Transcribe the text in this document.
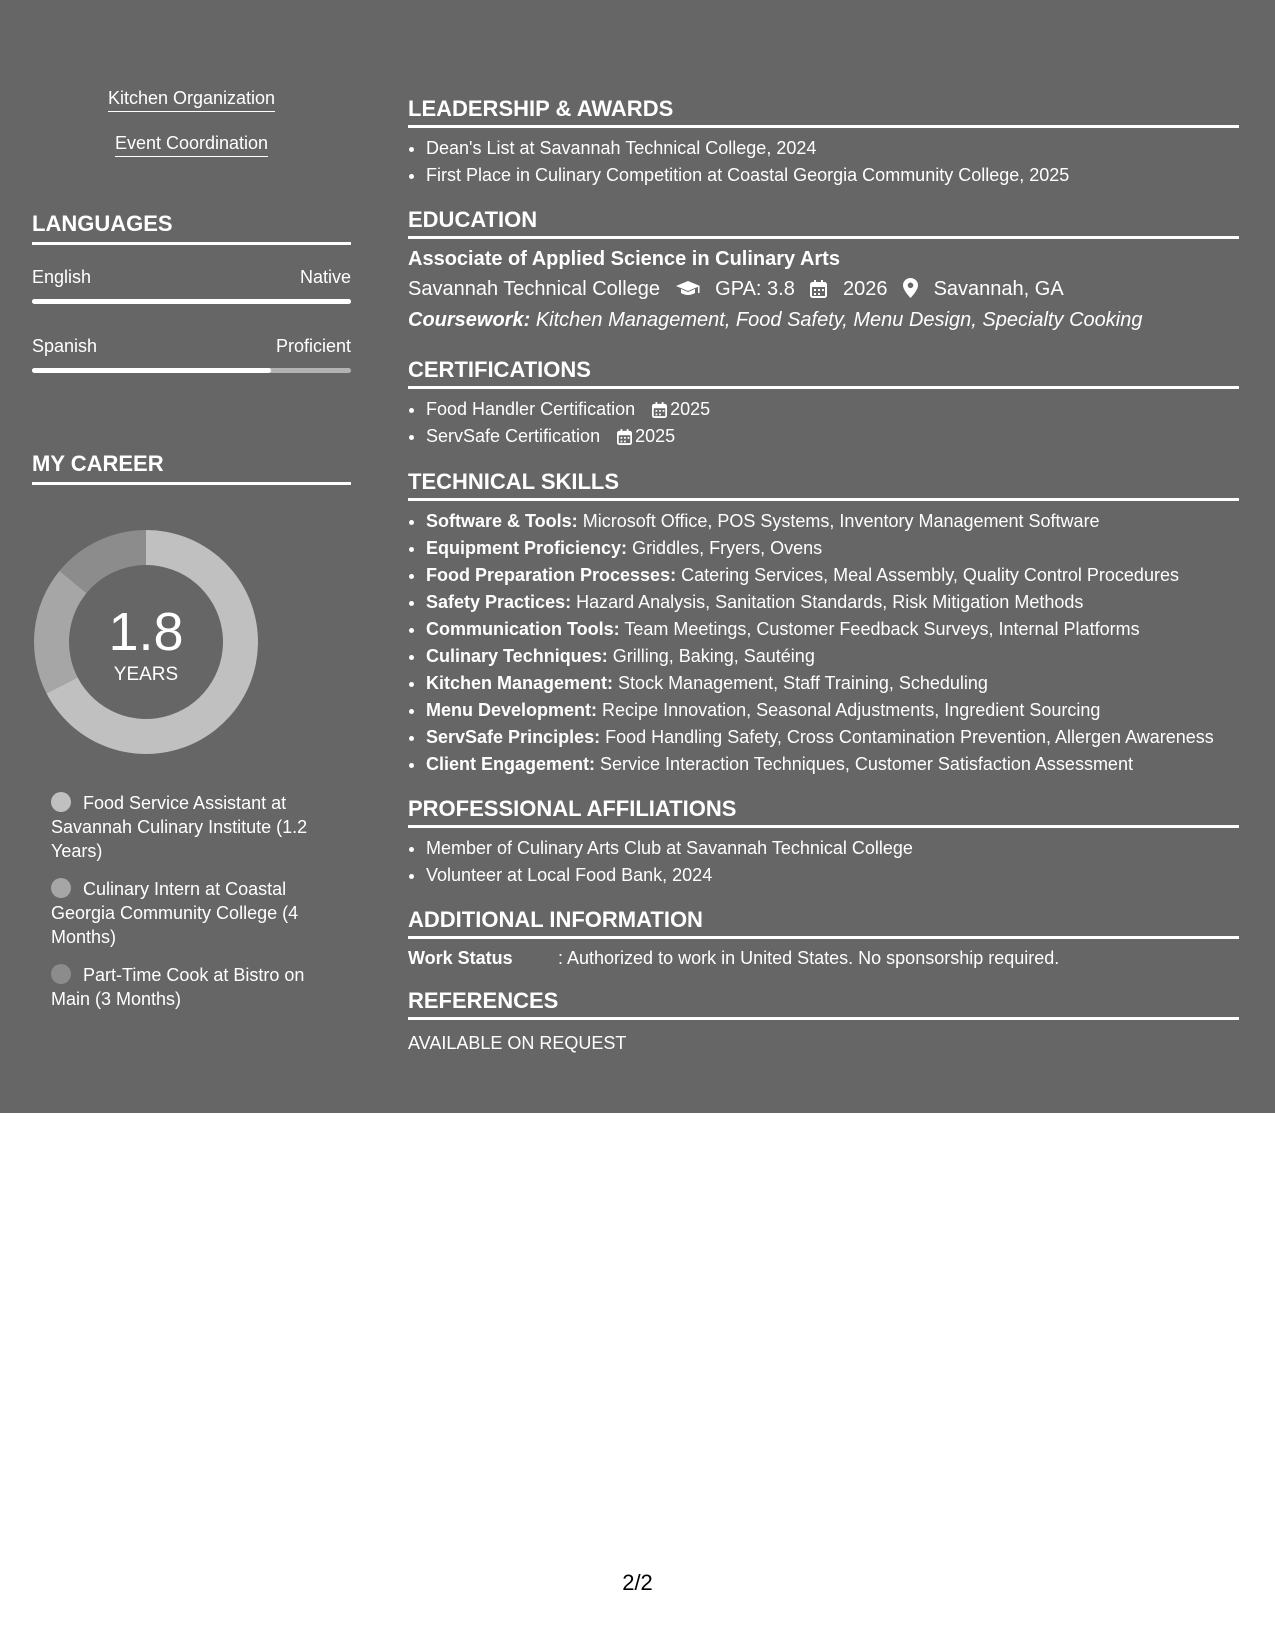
Kitchen Organization
Event Coordination
LANGUAGES
English	Native
Spanish	Proficient
MY CAREER
1.8
YEARS
Food Service Assistant at Savannah Culinary Institute (1.2 Years)
Culinary Intern at Coastal Georgia Community College (4 Months)
Part-Time Cook at Bistro on Main (3 Months)
LEADERSHIP & AWARDS
• Dean's List at Savannah Technical College, 2024
• First Place in Culinary Competition at Coastal Georgia Community College, 2025
EDUCATION
Associate of Applied Science in Culinary Arts
Savannah Technical College	GPA: 3.8 2026 Savannah, GA
Coursework: Kitchen Management, Food Safety, Menu Design, Specialty Cooking
CERTIFICATIONS
• Food Handler Certification 2025
• ServSafe Certification 2025
TECHNICAL SKILLS
• Software & Tools: Microsoft Office, POS Systems, Inventory Management Software
• Equipment Proficiency: Griddles, Fryers, Ovens
• Food Preparation Processes: Catering Services, Meal Assembly, Quality Control Procedures
• Safety Practices: Hazard Analysis, Sanitation Standards, Risk Mitigation Methods
• Communication Tools: Team Meetings, Customer Feedback Surveys, Internal Platforms
• Culinary Techniques: Grilling, Baking, Sautéing
• Kitchen Management: Stock Management, Staff Training, Scheduling
• Menu Development: Recipe Innovation, Seasonal Adjustments, Ingredient Sourcing
• ServSafe Principles: Food Handling Safety, Cross Contamination Prevention, Allergen Awareness
• Client Engagement: Service Interaction Techniques, Customer Satisfaction Assessment
PROFESSIONAL AFFILIATIONS
• Member of Culinary Arts Club at Savannah Technical College
• Volunteer at Local Food Bank, 2024
ADDITIONAL INFORMATION
Work Status	: Authorized to work in United States. No sponsorship required.
REFERENCES
AVAILABLE ON REQUEST
2/2
